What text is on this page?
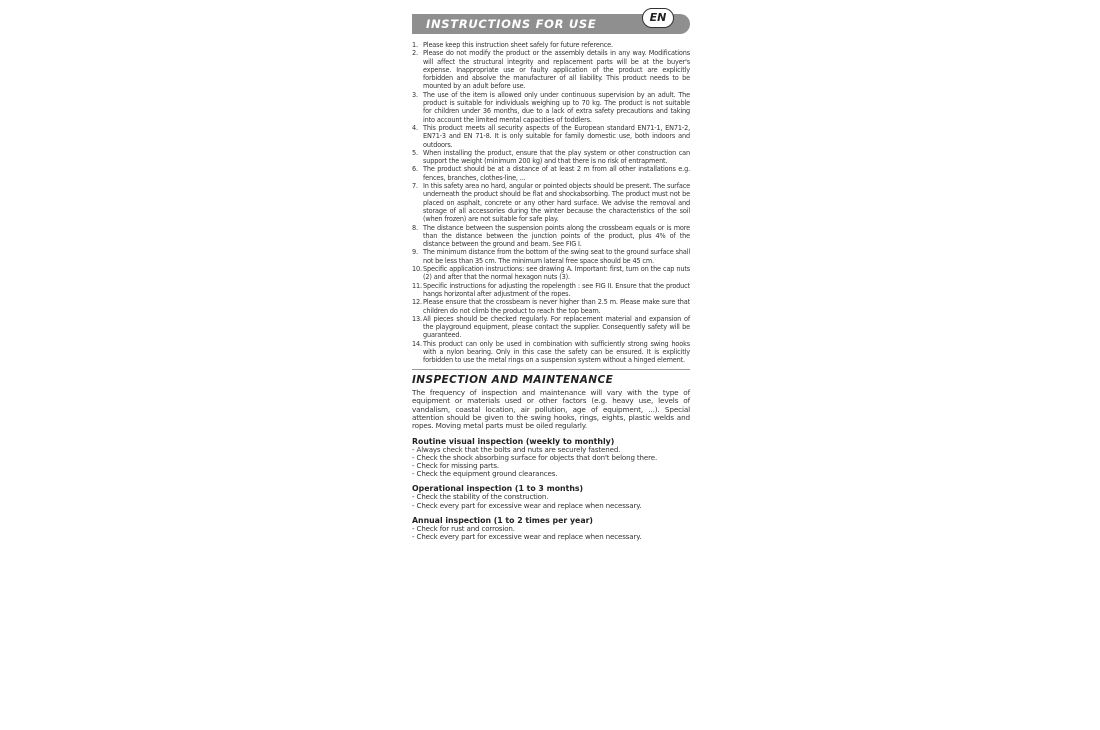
INSTRUCTIONS FOR USE	EN
1. Please keep this instruction sheet safely for future reference.
2. Please do not modify the product or the assembly details in any way. Modifications will affect the structural integrity and replacement parts will be at the buyer's expense. Inappropriate use or faulty application of the product are explicitly forbidden and absolve the manufacturer of all liability. This product needs to be mounted by an adult before use.
3. The use of the item is allowed only under continuous supervision by an adult. The product is suitable for individuals weighing up to 70 kg. The product is not suitable for children under 36 months, due to a lack of extra safety precautions and taking into account the limited mental capacities of toddlers.
4. This product meets all security aspects of the European standard EN71-1, EN71-2, EN71-3 and EN 71-8. It is only suitable for family domestic use, both indoors and outdoors.
5. When installing the product, ensure that the play system or other construction can support the weight (minimum 200 kg) and that there is no risk of entrapment.
6. The product should be at a distance of at least 2 m from all other installations e.g. fences, branches, clothes-line, ...
7. In this safety area no hard, angular or pointed objects should be present. The surface underneath the product should be flat and shockabsorbing. The product must not be placed on asphalt, concrete or any other hard surface. We advise the removal and storage of all accessories during the winter because the characteristics of the soil (when frozen) are not suitable for safe play.
8. The distance between the suspension points along the crossbeam equals or is more than the distance between the junction points of the product, plus 4% of the distance between the ground and beam. See FIG I.
9. The minimum distance from the bottom of the swing seat to the ground surface shall not be less than 35 cm. The minimum lateral free space should be 45 cm.
10. Specific application instructions: see drawing A. Important: first, turn on the cap nuts (2) and after that the normal hexagon nuts (3).
11. Specific instructions for adjusting the ropelength : see FIG II. Ensure that the product hangs horizontal after adjustment of the ropes.
12. Please ensure that the crossbeam is never higher than 2.5 m. Please make sure that children do not climb the product to reach the top beam.
13. All pieces should be checked regularly. For replacement material and expansion of the playground equipment, please contact the supplier. Consequently safety will be guaranteed.
14. This product can only be used in combination with sufficiently strong swing hooks with a nylon bearing. Only in this case the safety can be ensured. It is explicitly forbidden to use the metal rings on a suspension system without a hinged element.
INSPECTION AND MAINTENANCE

The frequency of inspection and maintenance will vary with the type of equipment or materials used or other factors (e.g. heavy use, levels of vandalism, coastal location, air pollution, age of equipment, ...). Special attention should be given to the swing hooks, rings, eights, plastic welds and ropes. Moving metal parts must be oiled regularly.

Routine visual inspection (weekly to monthly)
- Always check that the bolts and nuts are securely fastened.
- Check the shock absorbing surface for objects that don't belong there.
- Check for missing parts.
- Check the equipment ground clearances.
Operational inspection (1 to 3 months)
- Check the stability of the construction.
- Check every part for excessive wear and replace when necessary.
Annual inspection (1 to 2 times per year)
- Check for rust and corrosion.
- Check every part for excessive wear and replace when necessary.
